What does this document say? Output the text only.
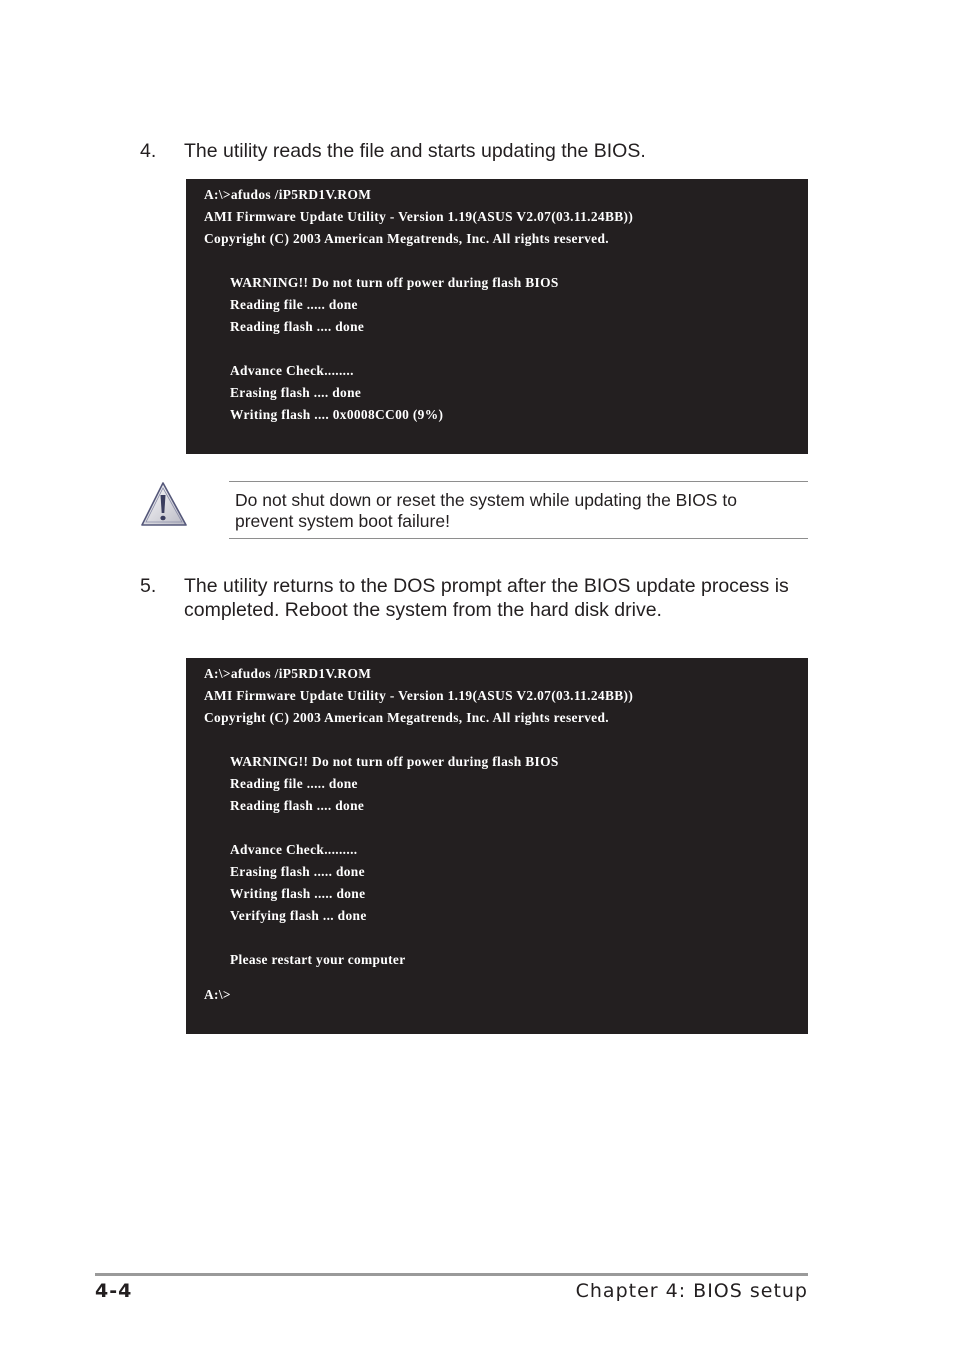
4. The utility reads the file and starts updating the BIOS.
A:\>afudos /iP5RD1V.ROM
AMI Firmware Update Utility - Version 1.19(ASUS V2.07(03.11.24BB))
Copyright (C) 2003 American Megatrends, Inc. All rights reserved.
WARNING!! Do not turn off power during flash BIOS
Reading file ..... done
Reading flash .... done
Advance Check........
Erasing flash .... done
Writing flash .... 0x0008CC00 (9%)
Do not shut down or reset the system while updating the BIOS to prevent system boot failure!
5. The utility returns to the DOS prompt after the BIOS update process is completed. Reboot the system from the hard disk drive.
A:\>afudos /iP5RD1V.ROM
AMI Firmware Update Utility - Version 1.19(ASUS V2.07(03.11.24BB))
Copyright (C) 2003 American Megatrends, Inc. All rights reserved.
WARNING!! Do not turn off power during flash BIOS
Reading file ..... done
Reading flash .... done
Advance Check.........
Erasing flash ..... done
Writing flash ..... done
Verifying flash ... done
Please restart your computer
A:\>
4-4	Chapter 4: BIOS setup
